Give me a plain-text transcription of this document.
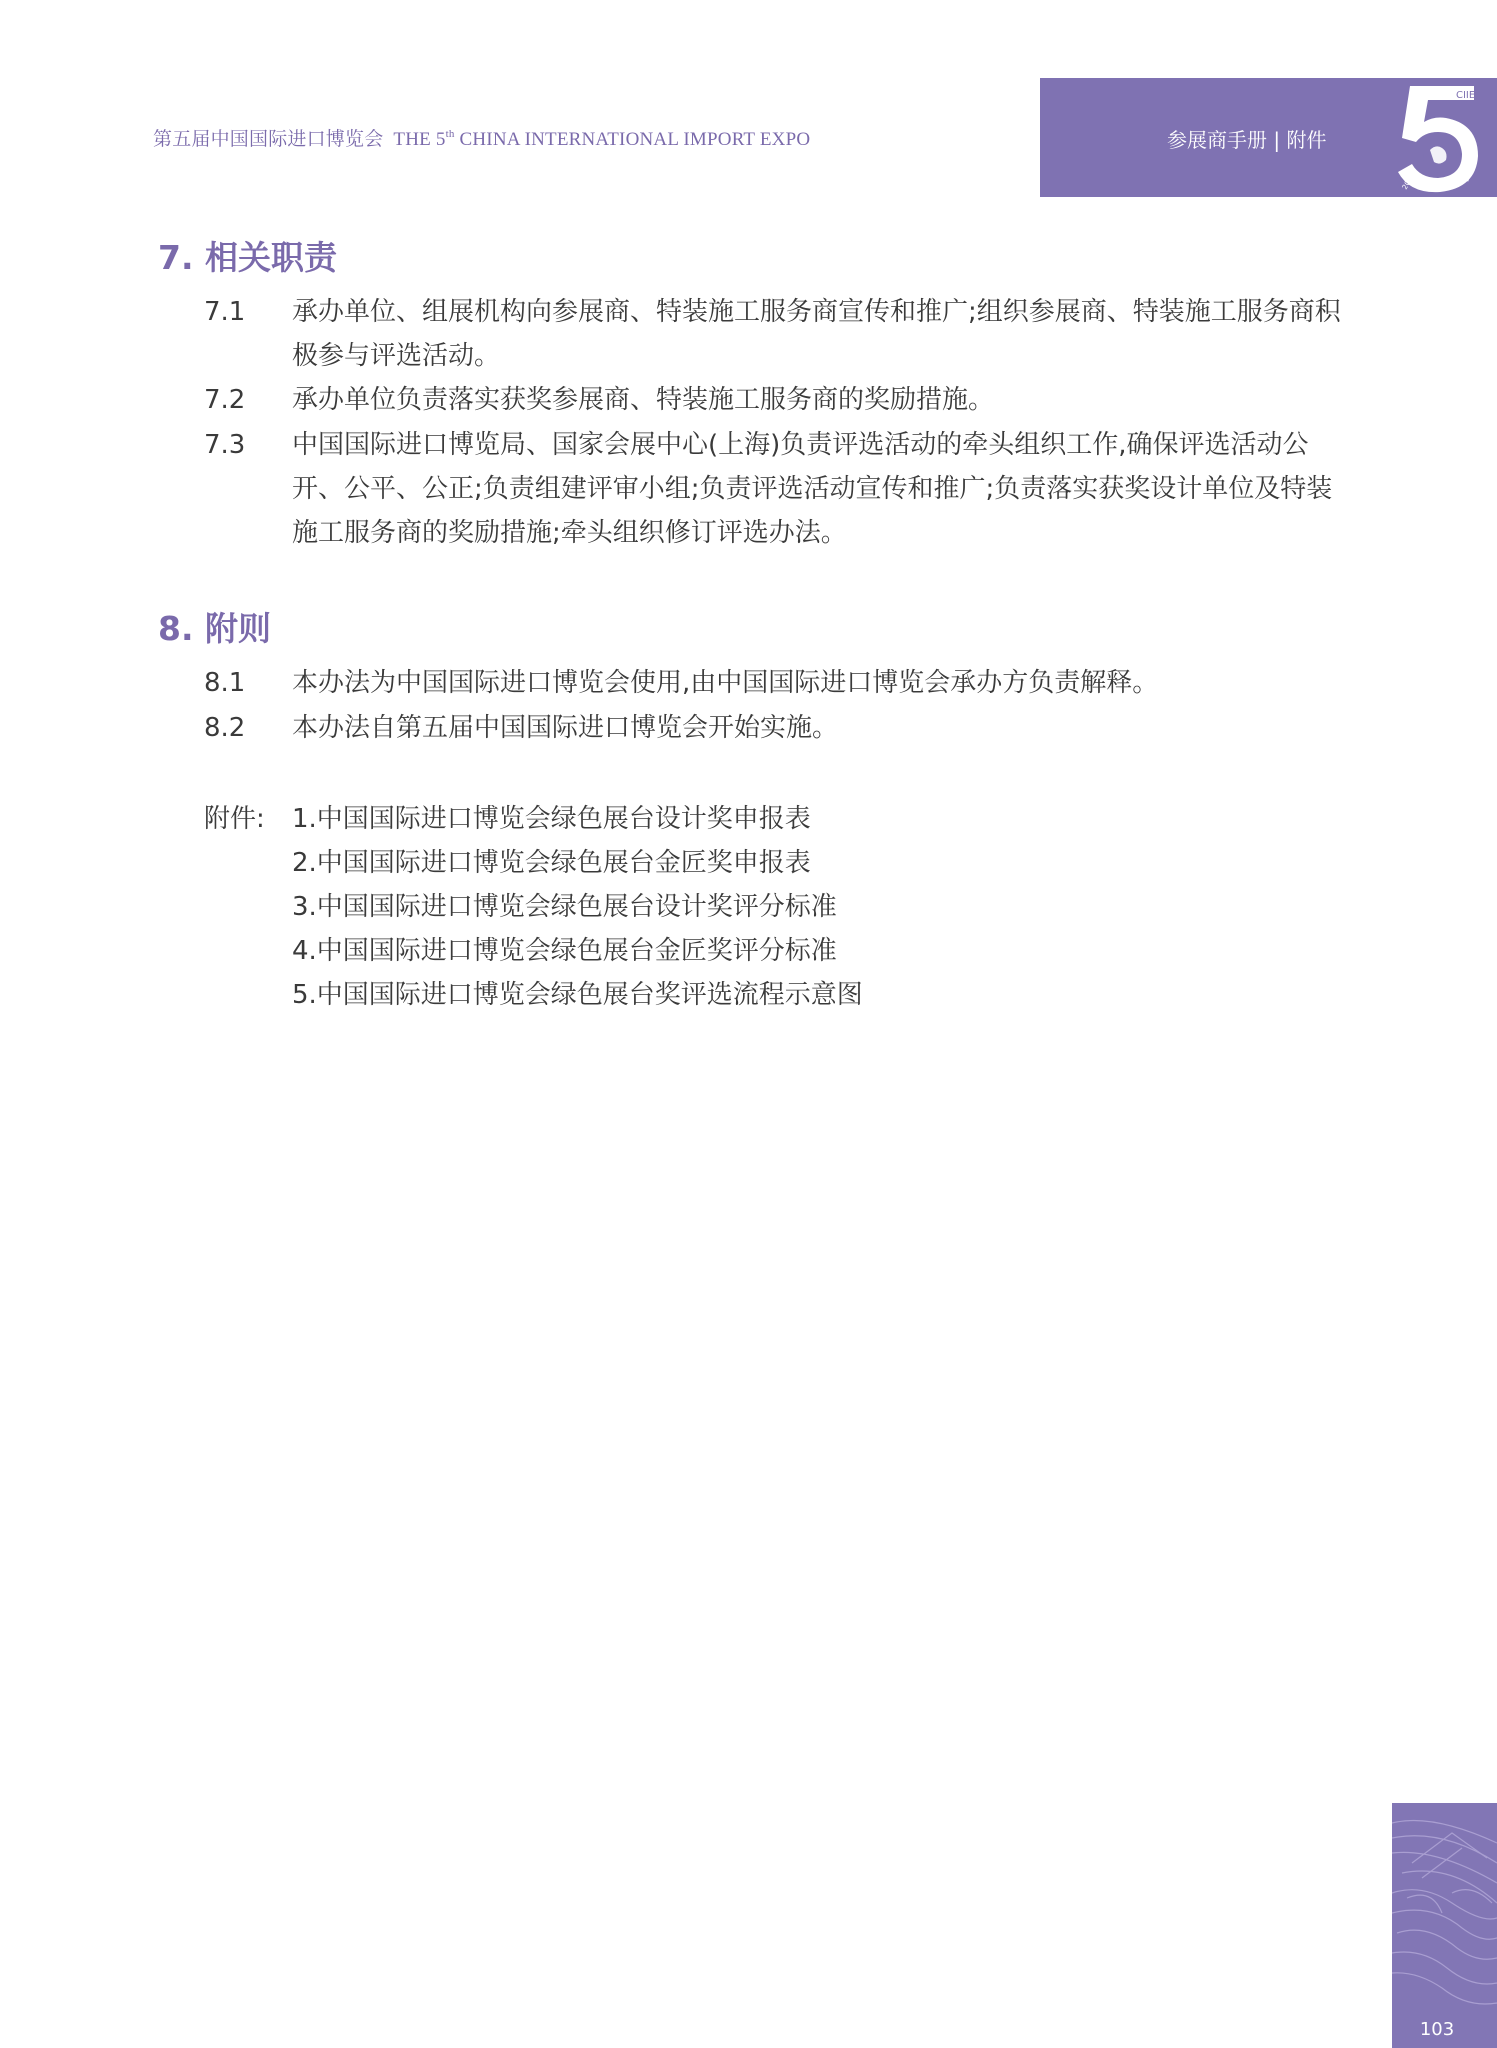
第五届中国国际进口博览会 THE 5th CHINA INTERNATIONAL IMPORT EXPO	参展商手册 | 附件
CIIE
2018	2022
7. 相关职责
7.1	承办单位、组展机构向参展商、特装施工服务商宣传和推广;组织参展商、特装施工服务商积极参与评选活动。
7.2	承办单位负责落实获奖参展商、特装施工服务商的奖励措施。
7.3	中国国际进口博览局、国家会展中心(上海)负责评选活动的牵头组织工作,确保评选活动公开、公平、公正;负责组建评审小组;负责评选活动宣传和推广;负责落实获奖设计单位及特装施工服务商的奖励措施;牵头组织修订评选办法。
8. 附则
8.1	本办法为中国国际进口博览会使用,由中国国际进口博览会承办方负责解释。
8.2	本办法自第五届中国国际进口博览会开始实施。
附件: 1.中国国际进口博览会绿色展台设计奖申报表
2.中国国际进口博览会绿色展台金匠奖申报表
3.中国国际进口博览会绿色展台设计奖评分标准
4.中国国际进口博览会绿色展台金匠奖评分标准
5.中国国际进口博览会绿色展台奖评选流程示意图
103
